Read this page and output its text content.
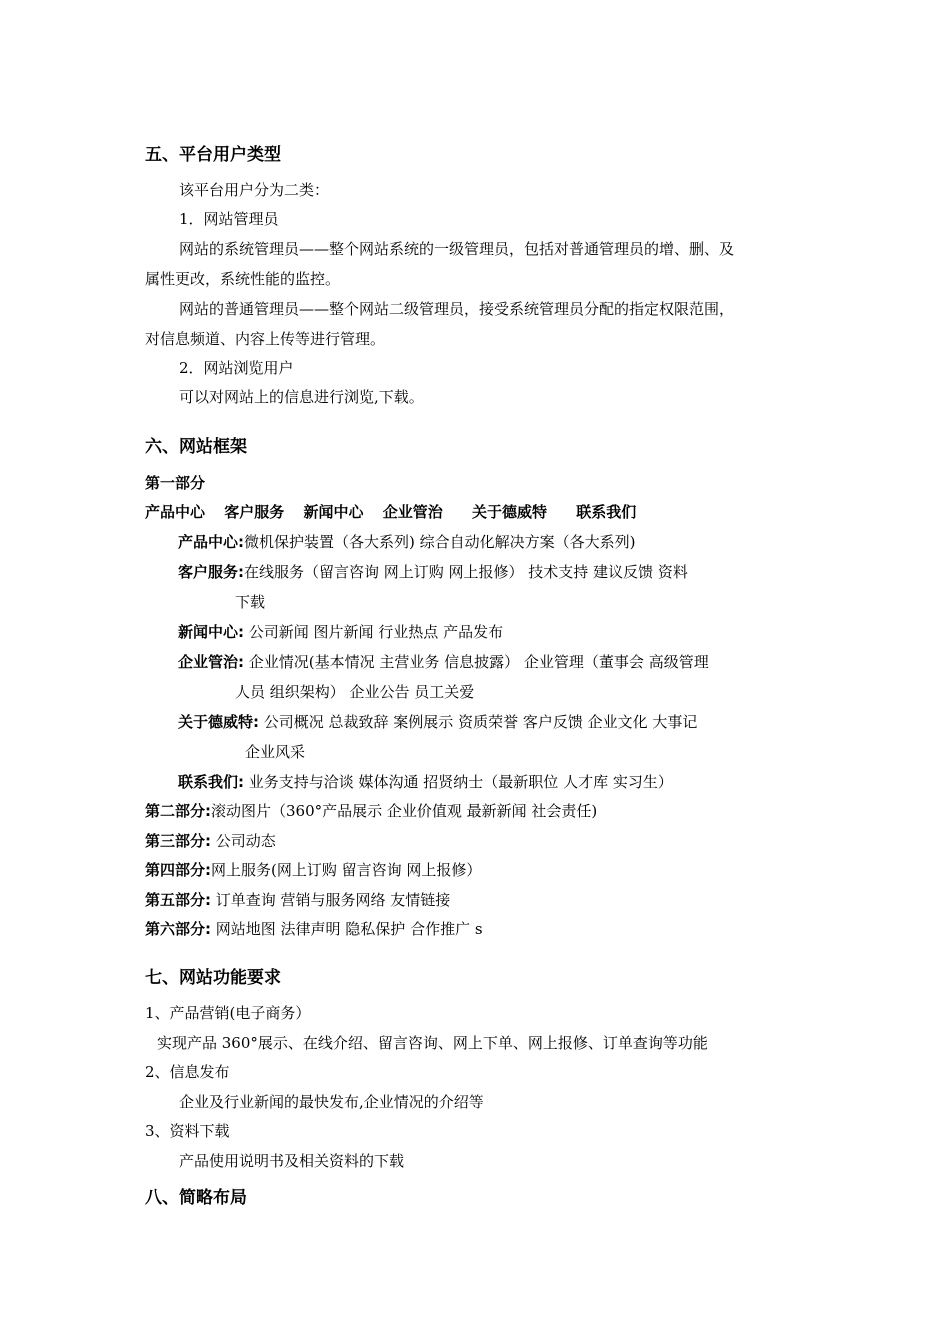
五、平台用户类型
该平台用户分为二类：
1．网站管理员
网站的系统管理员——整个网站系统的一级管理员，包括对普通管理员的增、删、及
属性更改，系统性能的监控。
网站的普通管理员——整个网站二级管理员，接受系统管理员分配的指定权限范围，
对信息频道、内容上传等进行管理。
2．网站浏览用户
可以对网站上的信息进行浏览,下载。
六、网站框架
第一部分
产品中心 客户服务 新闻中心 企业管治 关于德威特 联系我们
产品中心:微机保护装置（各大系列) 综合自动化解决方案（各大系列)
客户服务:在线服务（留言咨询 网上订购 网上报修） 技术支持 建议反馈 资料
下载
新闻中心: 公司新闻 图片新闻 行业热点 产品发布
企业管治: 企业情况(基本情况 主营业务 信息披露） 企业管理（董事会 高级管理
人员 组织架构） 企业公告 员工关爱
关于德威特: 公司概况 总裁致辞 案例展示 资质荣誉 客户反馈 企业文化 大事记
企业风采
联系我们: 业务支持与洽谈 媒体沟通 招贤纳士（最新职位 人才库 实习生）
第二部分:滚动图片（360°产品展示 企业价值观 最新新闻 社会责任)
第三部分: 公司动态
第四部分:网上服务(网上订购 留言咨询 网上报修）
第五部分: 订单查询 营销与服务网络 友情链接
第六部分: 网站地图 法律声明 隐私保护 合作推广 s
七、网站功能要求
1、产品营销(电子商务）
实现产品 360°展示、在线介绍、留言咨询、网上下单、网上报修、订单查询等功能
2、信息发布
企业及行业新闻的最快发布,企业情况的介绍等
3、资料下载
产品使用说明书及相关资料的下载
八、简略布局
